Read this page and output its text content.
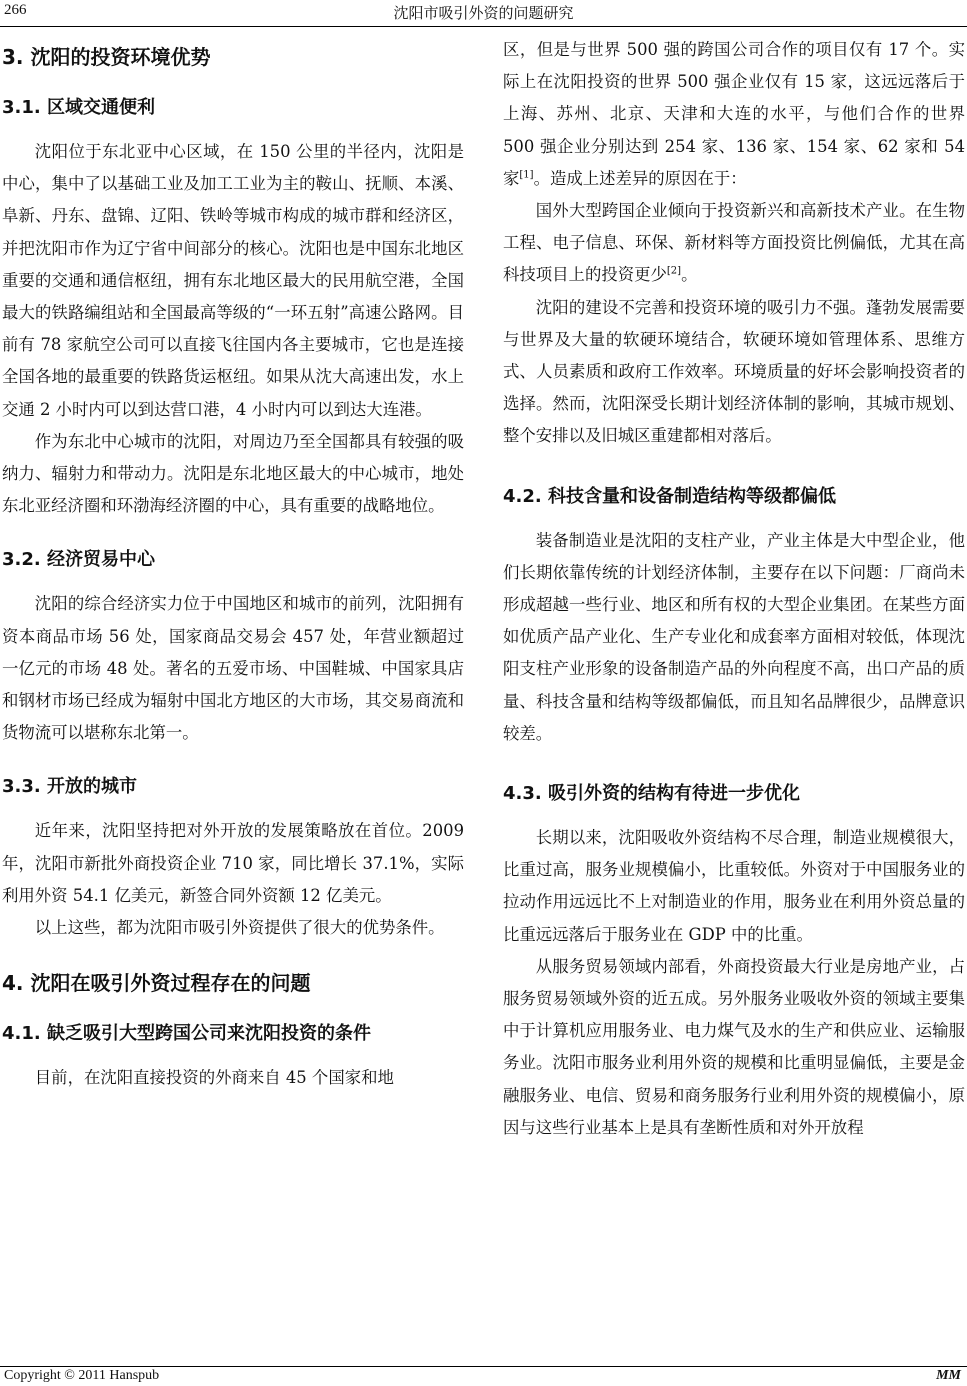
266	沈阳市吸引外资的问题研究
3. 沈阳的投资环境优势
3.1. 区域交通便利

沈阳位于东北亚中心区域，在 150 公里的半径内，沈阳是中心，集中了以基础工业及加工工业为主的鞍山、抚顺、本溪、阜新、丹东、盘锦、辽阳、铁岭等城市构成的城市群和经济区，并把沈阳市作为辽宁省中间部分的核心。沈阳也是中国东北地区重要的交通和通信枢纽，拥有东北地区最大的民用航空港，全国最大的铁路编组站和全国最高等级的“一环五射”高速公路网。目前有 78 家航空公司可以直接飞往国内各主要城市，它也是连接全国各地的最重要的铁路货运枢纽。如果从沈大高速出发，水上交通 2 小时内可以到达营口港，4 小时内可以到达大连港。

作为东北中心城市的沈阳，对周边乃至全国都具有较强的吸纳力、辐射力和带动力。沈阳是东北地区最大的中心城市，地处东北亚经济圈和环渤海经济圈的中心，具有重要的战略地位。

3.2. 经济贸易中心

沈阳的综合经济实力位于中国地区和城市的前列，沈阳拥有资本商品市场 56 处，国家商品交易会 457 处，年营业额超过一亿元的市场 48 处。著名的五爱市场、中国鞋城、中国家具店和钢材市场已经成为辐射中国北方地区的大市场，其交易商流和货物流可以堪称东北第一。

3.3. 开放的城市

近年来，沈阳坚持把对外开放的发展策略放在首位。2009 年，沈阳市新批外商投资企业 710 家，同比增长 37.1%，实际利用外资 54.1 亿美元，新签合同外资额 12 亿美元。

以上这些，都为沈阳市吸引外资提供了很大的优势条件。

4. 沈阳在吸引外资过程存在的问题
4.1. 缺乏吸引大型跨国公司来沈阳投资的条件

目前，在沈阳直接投资的外商来自 45 个国家和地

区，但是与世界 500 强的跨国公司合作的项目仅有 17 个。实际上在沈阳投资的世界 500 强企业仅有 15 家，这远远落后于上海、苏州、北京、天津和大连的水平，与他们合作的世界 500 强企业分别达到 254 家、136 家、154 家、62 家和 54 家[1]。造成上述差异的原因在于：

国外大型跨国企业倾向于投资新兴和高新技术产业。在生物工程、电子信息、环保、新材料等方面投资比例偏低，尤其在高科技项目上的投资更少[2]。

沈阳的建设不完善和投资环境的吸引力不强。蓬勃发展需要与世界及大量的软硬环境结合，软硬环境如管理体系、思维方式、人员素质和政府工作效率。环境质量的好坏会影响投资者的选择。然而，沈阳深受长期计划经济体制的影响，其城市规划、整个安排以及旧城区重建都相对落后。

4.2. 科技含量和设备制造结构等级都偏低

装备制造业是沈阳的支柱产业，产业主体是大中型企业，他们长期依靠传统的计划经济体制，主要存在以下问题：厂商尚未形成超越一些行业、地区和所有权的大型企业集团。在某些方面如优质产品产业化、生产专业化和成套率方面相对较低，体现沈阳支柱产业形象的设备制造产品的外向程度不高，出口产品的质量、科技含量和结构等级都偏低，而且知名品牌很少，品牌意识较差。

4.3. 吸引外资的结构有待进一步优化

长期以来，沈阳吸收外资结构不尽合理，制造业规模很大，比重过高，服务业规模偏小，比重较低。外资对于中国服务业的拉动作用远远比不上对制造业的作用，服务业在利用外资总量的比重远远落后于服务业在 GDP 中的比重。

从服务贸易领域内部看，外商投资最大行业是房地产业，占服务贸易领域外资的近五成。另外服务业吸收外资的领域主要集中于计算机应用服务业、电力煤气及水的生产和供应业、运输服务业。沈阳市服务业利用外资的规模和比重明显偏低，主要是金融服务业、电信、贸易和商务服务行业利用外资的规模偏小，原因与这些行业基本上是具有垄断性质和对外开放程

Copyright © 2011 Hanspub	MM
